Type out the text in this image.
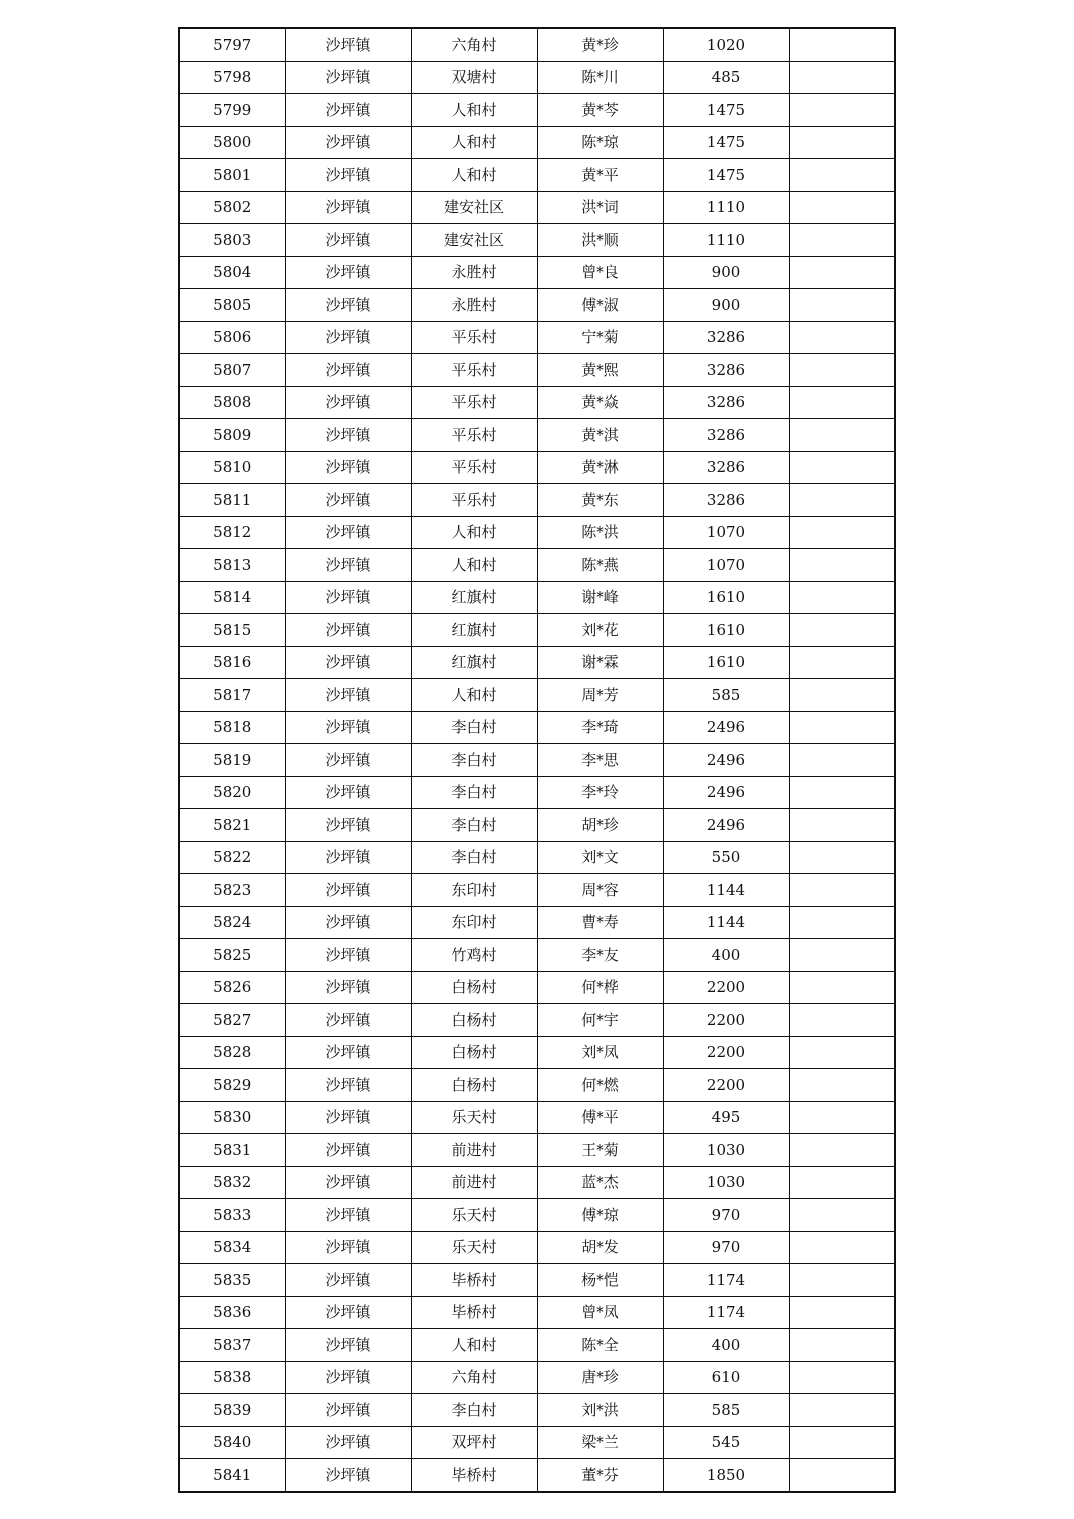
5797	沙坪镇	六角村	黄*珍	1020	
5798	沙坪镇	双塘村	陈*川	485	
5799	沙坪镇	人和村	黄*芩	1475	
5800	沙坪镇	人和村	陈*琼	1475	
5801	沙坪镇	人和村	黄*平	1475	
5802	沙坪镇	建安社区	洪*词	1110	
5803	沙坪镇	建安社区	洪*顺	1110	
5804	沙坪镇	永胜村	曾*良	900	
5805	沙坪镇	永胜村	傅*淑	900	
5806	沙坪镇	平乐村	宁*菊	3286	
5807	沙坪镇	平乐村	黄*熙	3286	
5808	沙坪镇	平乐村	黄*焱	3286	
5809	沙坪镇	平乐村	黄*淇	3286	
5810	沙坪镇	平乐村	黄*淋	3286	
5811	沙坪镇	平乐村	黄*东	3286	
5812	沙坪镇	人和村	陈*洪	1070	
5813	沙坪镇	人和村	陈*燕	1070	
5814	沙坪镇	红旗村	谢*峰	1610	
5815	沙坪镇	红旗村	刘*花	1610	
5816	沙坪镇	红旗村	谢*霖	1610	
5817	沙坪镇	人和村	周*芳	585	
5818	沙坪镇	李白村	李*琦	2496	
5819	沙坪镇	李白村	李*思	2496	
5820	沙坪镇	李白村	李*玲	2496	
5821	沙坪镇	李白村	胡*珍	2496	
5822	沙坪镇	李白村	刘*文	550	
5823	沙坪镇	东印村	周*容	1144	
5824	沙坪镇	东印村	曹*寿	1144	
5825	沙坪镇	竹鸡村	李*友	400	
5826	沙坪镇	白杨村	何*桦	2200	
5827	沙坪镇	白杨村	何*宇	2200	
5828	沙坪镇	白杨村	刘*凤	2200	
5829	沙坪镇	白杨村	何*燃	2200	
5830	沙坪镇	乐天村	傅*平	495	
5831	沙坪镇	前进村	王*菊	1030	
5832	沙坪镇	前进村	蓝*杰	1030	
5833	沙坪镇	乐天村	傅*琼	970	
5834	沙坪镇	乐天村	胡*发	970	
5835	沙坪镇	毕桥村	杨*恺	1174	
5836	沙坪镇	毕桥村	曾*凤	1174	
5837	沙坪镇	人和村	陈*全	400	
5838	沙坪镇	六角村	唐*珍	610	
5839	沙坪镇	李白村	刘*洪	585	
5840	沙坪镇	双坪村	梁*兰	545	
5841	沙坪镇	毕桥村	董*芬	1850	
